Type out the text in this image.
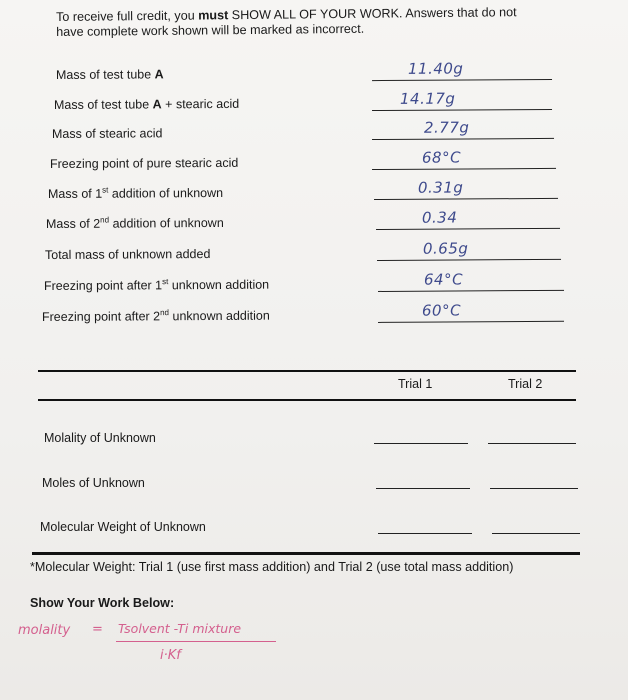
To receive full credit, you must SHOW ALL OF YOUR WORK. Answers that do not
have complete work shown will be marked as incorrect.
Mass of test tube A	11.40g
Mass of test tube A + stearic acid	14.17g
Mass of stearic acid	2.77g
Freezing point of pure stearic acid	68°C
Mass of 1st addition of unknown	0.31g
Mass of 2nd addition of unknown	0.34
Total mass of unknown added	0.65g
Freezing point after 1st unknown addition	64°C
Freezing point after 2nd unknown addition	60°C
Trial 1	Trial 2
Molality of Unknown
Moles of Unknown
Molecular Weight of Unknown
*Molecular Weight: Trial 1 (use first mass addition) and Trial 2 (use total mass addition)
Show Your Work Below:
molality = Tsolvent -Ti mixture
i·Kf
